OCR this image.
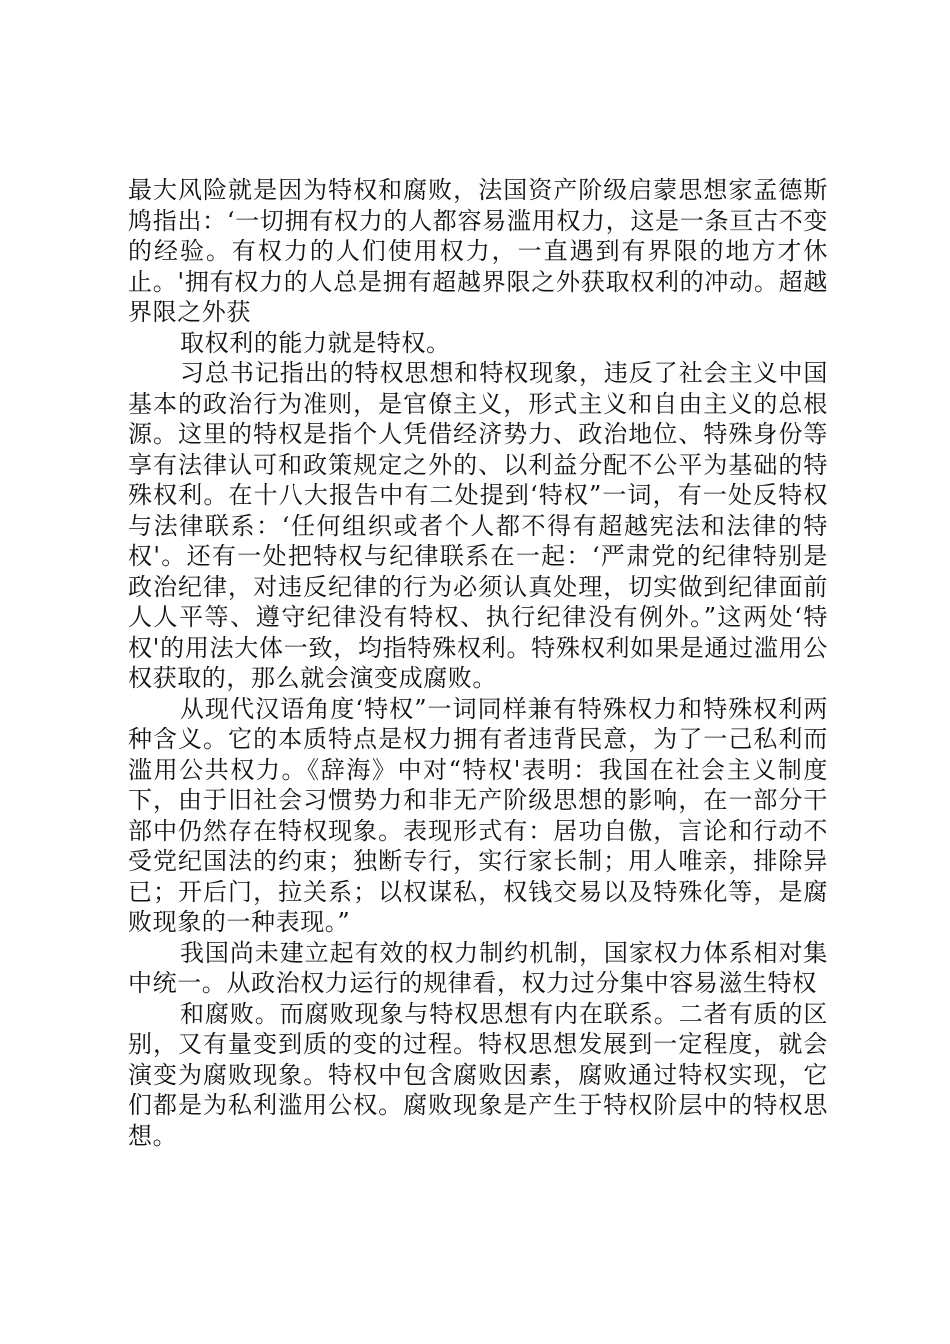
最大风险就是因为特权和腐败，法国资产阶级启蒙思想家孟德斯鸠指出：‘一切拥有权力的人都容易滥用权力，这是一条亘古不变的经验。有权力的人们使用权力，一直遇到有界限的地方才休止。'拥有权力的人总是拥有超越界限之外获取权利的冲动。超越界限之外获

取权利的能力就是特权。

习总书记指出的特权思想和特权现象，违反了社会主义中国基本的政治行为准则，是官僚主义，形式主义和自由主义的总根源。这里的特权是指个人凭借经济势力、政治地位、特殊身份等享有法律认可和政策规定之外的、以利益分配不公平为基础的特殊权利。在十八大报告中有二处提到‘特权”一词，有一处反特权与法律联系：‘任何组织或者个人都不得有超越宪法和法律的特权'。还有一处把特权与纪律联系在一起：‘严肃党的纪律特别是政治纪律，对违反纪律的行为必须认真处理，切实做到纪律面前人人平等、遵守纪律没有特权、执行纪律没有例外。”这两处‘特权'的用法大体一致，均指特殊权利。特殊权利如果是通过滥用公权获取的，那么就会演变成腐败。

从现代汉语角度‘特权”一词同样兼有特殊权力和特殊权利两种含义。它的本质特点是权力拥有者违背民意，为了一己私利而滥用公共权力。《辞海》中对“特权'表明：我国在社会主义制度下，由于旧社会习惯势力和非无产阶级思想的影响，在一部分干部中仍然存在特权现象。表现形式有：居功自傲，言论和行动不受党纪国法的约束；独断专行，实行家长制；用人唯亲，排除异已；开后门，拉关系；以权谋私，权钱交易以及特殊化等，是腐败现象的一种表现。”

我国尚未建立起有效的权力制约机制，国家权力体系相对集中统一。从政治权力运行的规律看，权力过分集中容易滋生特权

和腐败。而腐败现象与特权思想有内在联系。二者有质的区别，又有量变到质的变的过程。特权思想发展到一定程度，就会演变为腐败现象。特权中包含腐败因素，腐败通过特权实现，它们都是为私利滥用公权。腐败现象是产生于特权阶层中的特权思想。
